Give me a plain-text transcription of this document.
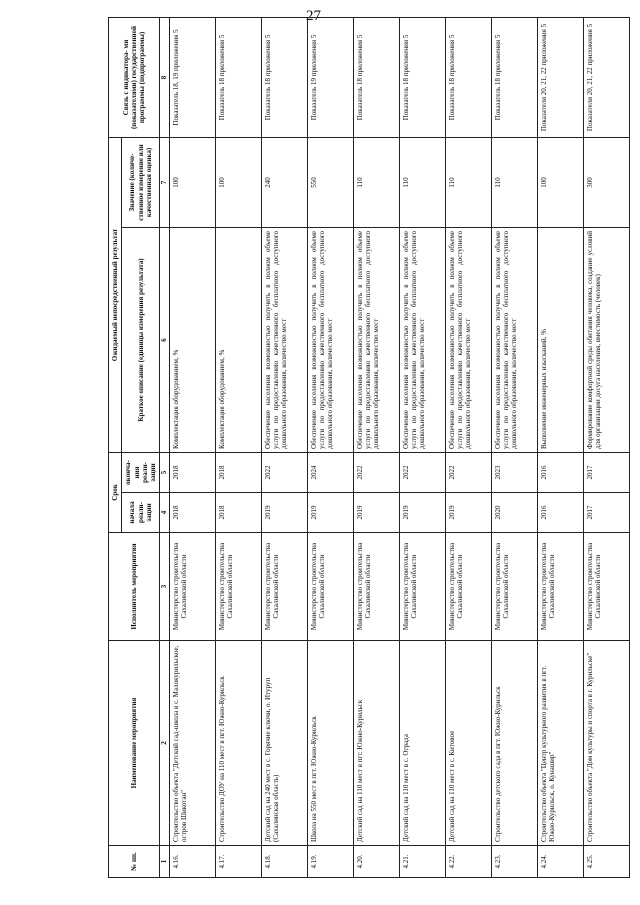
27
№ пп.	Наименование мероприятия	Исполнитель мероприятия	Срок		Ожидаемый непосредственный результат		Связь с индикатора- ми (показателями) государственной программы (подпрограммы)
			начала реали- зации	оконча- ния реали- зации	Краткое описание (единицы измерения результата)	Значение (количе- ственное измерение или качественная оценка)	
1	2	3	4	5	6	7	8
4.16.	Строительство объекта "Детский сад-школа в с. Малокурильское, остров Шикотан"	Министерство строительства Сахалинской области	2018	2018	Комплектация оборудованием, %	100	Показатель 18, 19 приложения 5
4.17.	Строительство ДОУ на 110 мест в пгт. Южно-Курильск	Министерство строительства Сахалинской области	2018	2018	Комплектация оборудованием, %	100	Показатель 18 приложения 5
4.18.	Детский сад на 240 мест в с. Горячие ключи, о. Итуруп (Сахалинская область)	Министерство строительства Сахалинской области	2019	2022	Обеспечение населения возможностью получить в полном объеме услуги по предоставлению качественного бесплатного доступного дошкольного образования, количество мест	240	Показатель 18 приложения 5
4.19.	Школа на 550 мест в пгт. Южно-Курильск	Министерство строительства Сахалинской области	2019	2024	Обеспечение населения возможностью получить в полном объеме услуги по предоставлению качественного бесплатного доступного дошкольного образования, количество мест	550	Показатель 19 приложения 5
4.20.	Детский сад на 110 мест в пгт. Южно-Курильск	Министерство строительства Сахалинской области	2019	2022	Обеспечение населения возможностью получить в полном объеме услуги по предоставлению качественного бесплатного доступного дошкольного образования, количество мест	110	Показатель 18 приложения 5
4.21.	Детский сад на 110 мест в с. Отрада	Министерство строительства Сахалинской области	2019	2022	Обеспечение населения возможностью получить в полном объеме услуги по предоставлению качественного бесплатного доступного дошкольного образования, количество мест	110	Показатель 18 приложения 5
4.22.	Детский сад на 110 мест в с. Китовое	Министерство строительства Сахалинской области	2019	2022	Обеспечение населения возможностью получить в полном объеме услуги по предоставлению качественного бесплатного доступного дошкольного образования, количество мест	110	Показатель 18 приложения 5
4.23.	Строительство детского сада в пгт. Южно-Курильск	Министерство строительства Сахалинской области	2020	2023	Обеспечение населения возможностью получить в полном объеме услуги по предоставлению качественного бесплатного доступного дошкольного образования, количество мест	110	Показатель 18 приложения 5
4.24.	Строительство объекта "Центр культурного развития в пгт. Южно-Курильск, о. Кунашир"	Министерство строительства Сахалинской области	2016	2016	Выполнение инженерных изысканий, %	100	Показатели 20, 21, 22 приложения 5
4.25.	Строительство объекта "Дом культуры и спорта в г. Курильске"	Министерство строительства Сахалинской области	2017	2017	Формирование комфортной среды обитания человека, создание условий для организации досуга населения, вместимость (человек)	300	Показатели 20, 21, 22 приложения 5
